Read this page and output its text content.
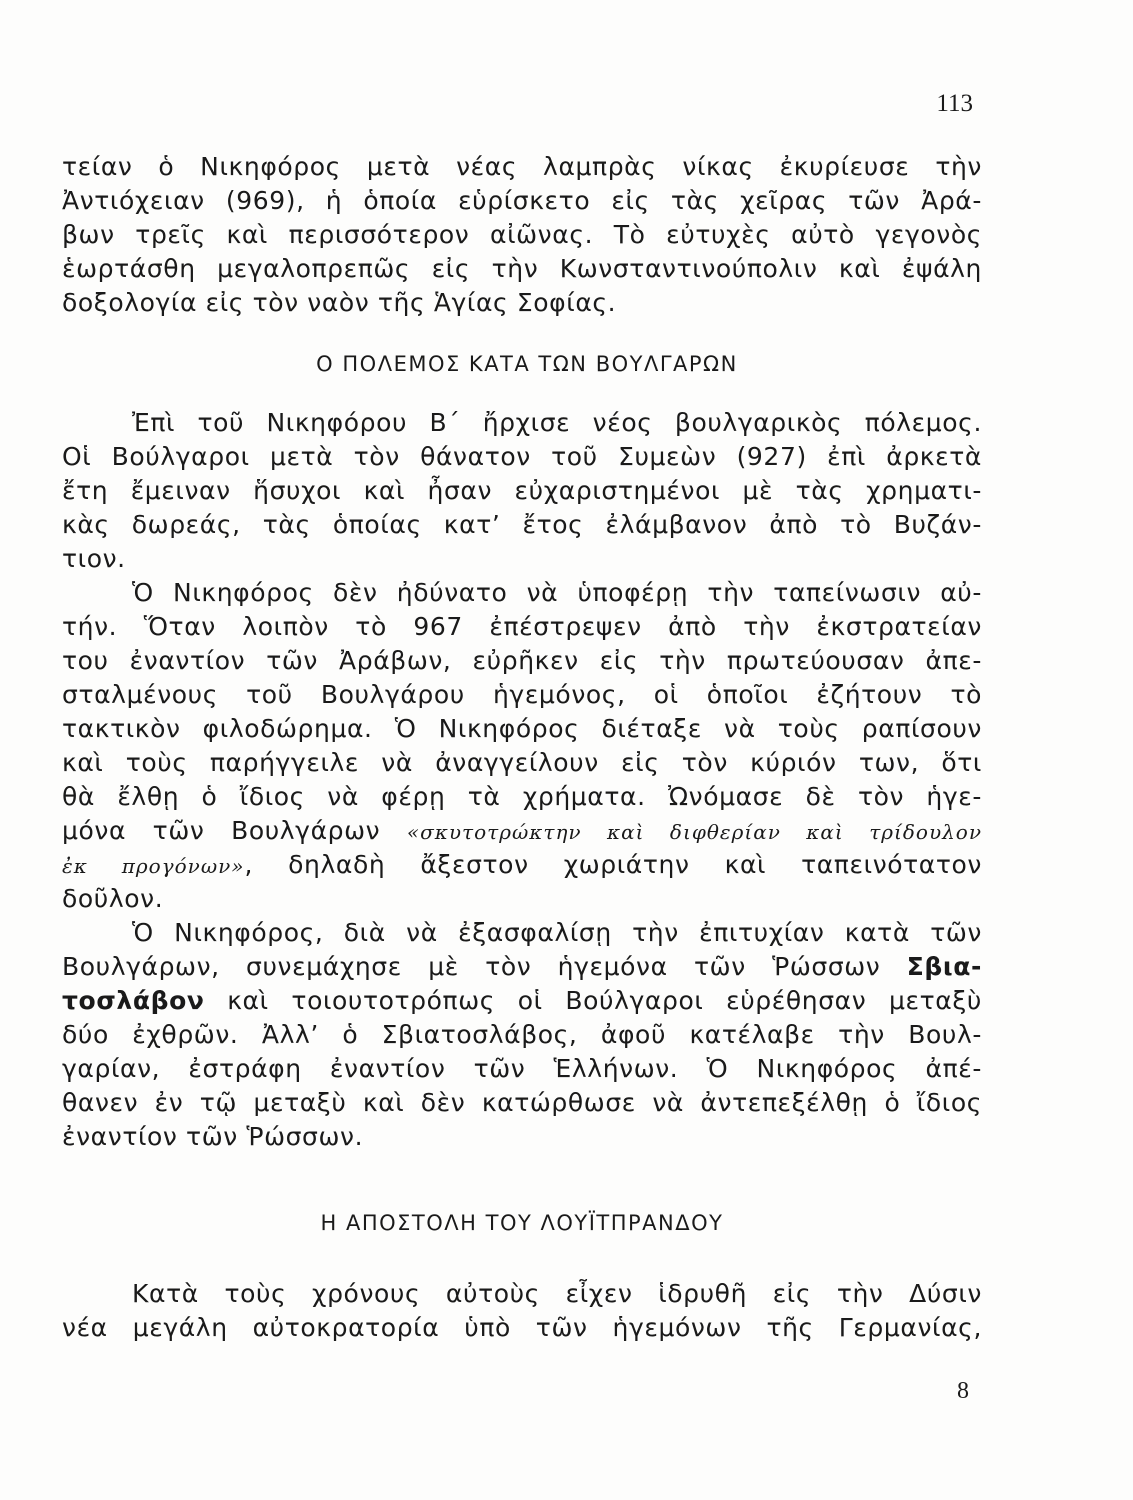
113
τείαν ὁ Νικηφόρος μετὰ νέας λαμπρὰς νίκας ἐκυρίευσε τὴν
Ἀντιόχειαν (969), ἡ ὁποία εὑρίσκετο εἰς τὰς χεῖρας τῶν Ἀρά-
βων τρεῖς καὶ περισσότερον αἰῶνας. Τὸ εὐτυχὲς αὐτὸ γεγονὸς
ἑωρτάσθη μεγαλοπρεπῶς εἰς τὴν Κωνσταντινούπολιν καὶ ἐψάλη
δοξολογία εἰς τὸν ναὸν τῆς Ἁγίας Σοφίας.
Ο ΠΟΛΕΜΟΣ ΚΑΤΑ ΤΩΝ ΒΟΥΛΓΑΡΩΝ
Ἐπὶ τοῦ Νικηφόρου Β΄ ἤρχισε νέος βουλγαρικὸς πόλεμος.
Οἱ Βούλγαροι μετὰ τὸν θάνατον τοῦ Συμεὼν (927) ἐπὶ ἀρκετὰ
ἔτη ἔμειναν ἥσυχοι καὶ ἦσαν εὐχαριστημένοι μὲ τὰς χρηματι-
κὰς δωρεάς, τὰς ὁποίας κατ’ ἔτος ἐλάμβανον ἀπὸ τὸ Βυζάν-
τιον.
Ὁ Νικηφόρος δὲν ἠδύνατο νὰ ὑποφέρῃ τὴν ταπείνωσιν αὐ-
τήν. Ὅταν λοιπὸν τὸ 967 ἐπέστρεψεν ἀπὸ τὴν ἐκστρατείαν
του ἐναντίον τῶν Ἀράβων, εὐρῆκεν εἰς τὴν πρωτεύουσαν ἀπε-
σταλμένους τοῦ Βουλγάρου ἡγεμόνος, οἱ ὁποῖοι ἐζήτουν τὸ
τακτικὸν φιλοδώρημα. Ὁ Νικηφόρος διέταξε νὰ τοὺς ραπίσουν
καὶ τοὺς παρήγγειλε νὰ ἀναγγείλουν εἰς τὸν κύριόν των, ὅτι
θὰ ἔλθῃ ὁ ἴδιος νὰ φέρῃ τὰ χρήματα. Ὠνόμασε δὲ τὸν ἡγε-
μόνα τῶν Βουλγάρων «σκυτοτρώκτην καὶ διφθερίαν καὶ τρίδουλον
ἐκ προγόνων», δηλαδὴ ἄξεστον χωριάτην καὶ ταπεινότατον
δοῦλον.
Ὁ Νικηφόρος, διὰ νὰ ἐξασφαλίσῃ τὴν ἐπιτυχίαν κατὰ τῶν
Βουλγάρων, συνεμάχησε μὲ τὸν ἡγεμόνα τῶν Ῥώσσων Σβια-
τοσλάβον καὶ τοιουτοτρόπως οἱ Βούλγαροι εὑρέθησαν μεταξὺ
δύο ἐχθρῶν. Ἀλλ’ ὁ Σβιατοσλάβος, ἀφοῦ κατέλαβε τὴν Βουλ-
γαρίαν, ἐστράφη ἐναντίον τῶν Ἑλλήνων. Ὁ Νικηφόρος ἀπέ-
θανεν ἐν τῷ μεταξὺ καὶ δὲν κατώρθωσε νὰ ἀντεπεξέλθῃ ὁ ἴδιος
ἐναντίον τῶν Ῥώσσων.
Η ΑΠΟΣΤΟΛΗ ΤΟΥ ΛΟΥΪΤΠΡΑΝΔΟΥ
Κατὰ τοὺς χρόνους αὐτοὺς εἶχεν ἱδρυθῆ εἰς τὴν Δύσιν
νέα μεγάλη αὐτοκρατορία ὑπὸ τῶν ἡγεμόνων τῆς Γερμανίας,
8
